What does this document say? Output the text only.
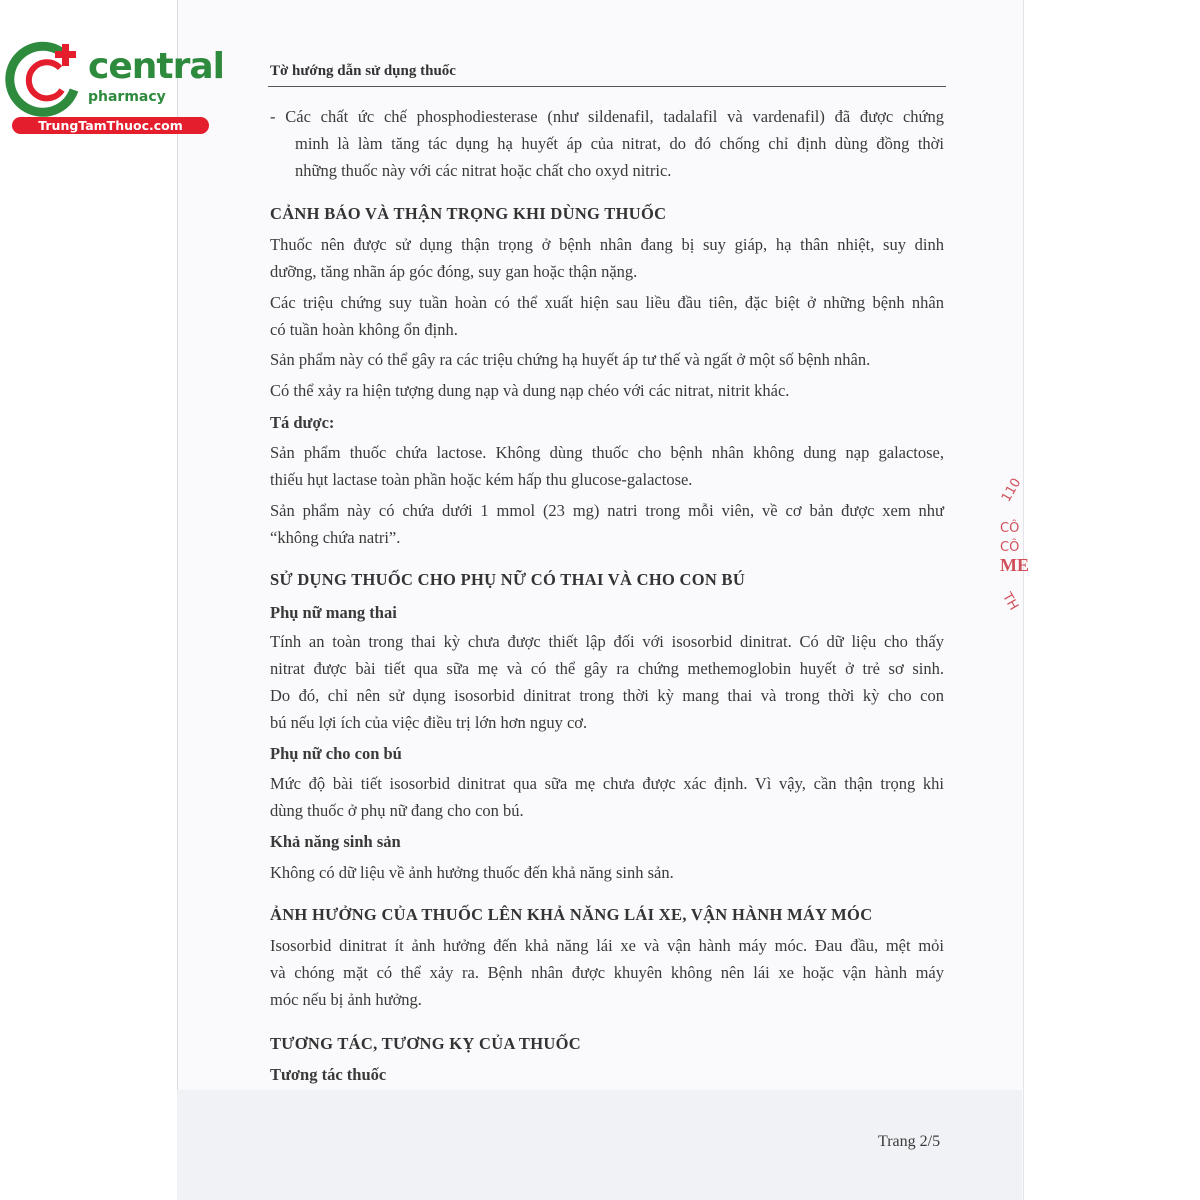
central
pharmacy
TrungTamThuoc.com
Tờ hướng dẫn sử dụng thuốc
- Các chất ức chế phosphodiesterase (như sildenafil, tadalafil và vardenafil) đã được chứng
minh là làm tăng tác dụng hạ huyết áp của nitrat, do đó chống chỉ định dùng đồng thời
những thuốc này với các nitrat hoặc chất cho oxyd nitric.
CẢNH BÁO VÀ THẬN TRỌNG KHI DÙNG THUỐC
Thuốc nên được sử dụng thận trọng ở bệnh nhân đang bị suy giáp, hạ thân nhiệt, suy dinh
dưỡng, tăng nhãn áp góc đóng, suy gan hoặc thận nặng.
Các triệu chứng suy tuần hoàn có thể xuất hiện sau liều đầu tiên, đặc biệt ở những bệnh nhân
có tuần hoàn không ổn định.
Sản phẩm này có thể gây ra các triệu chứng hạ huyết áp tư thế và ngất ở một số bệnh nhân.
Có thể xảy ra hiện tượng dung nạp và dung nạp chéo với các nitrat, nitrit khác.
Tá dược:
Sản phẩm thuốc chứa lactose. Không dùng thuốc cho bệnh nhân không dung nạp galactose,
thiếu hụt lactase toàn phần hoặc kém hấp thu glucose-galactose.
Sản phẩm này có chứa dưới 1 mmol (23 mg) natri trong mỗi viên, về cơ bản được xem như
“không chứa natri”.
SỬ DỤNG THUỐC CHO PHỤ NỮ CÓ THAI VÀ CHO CON BÚ
Phụ nữ mang thai
Tính an toàn trong thai kỳ chưa được thiết lập đối với isosorbid dinitrat. Có dữ liệu cho thấy
nitrat được bài tiết qua sữa mẹ và có thể gây ra chứng methemoglobin huyết ở trẻ sơ sinh.
Do đó, chỉ nên sử dụng isosorbid dinitrat trong thời kỳ mang thai và trong thời kỳ cho con
bú nếu lợi ích của việc điều trị lớn hơn nguy cơ.
Phụ nữ cho con bú
Mức độ bài tiết isosorbid dinitrat qua sữa mẹ chưa được xác định. Vì vậy, cần thận trọng khi
dùng thuốc ở phụ nữ đang cho con bú.
Khả năng sinh sản
Không có dữ liệu về ảnh hưởng thuốc đến khả năng sinh sản.
ẢNH HƯỞNG CỦA THUỐC LÊN KHẢ NĂNG LÁI XE, VẬN HÀNH MÁY MÓC
Isosorbid dinitrat ít ảnh hưởng đến khả năng lái xe và vận hành máy móc. Đau đầu, mệt mỏi
và chóng mặt có thể xảy ra. Bệnh nhân được khuyên không nên lái xe hoặc vận hành máy
móc nếu bị ảnh hưởng.
TƯƠNG TÁC, TƯƠNG KỴ CỦA THUỐC
Tương tác thuốc
110
CÔ
CÔ
ME
TH
Trang 2/5
